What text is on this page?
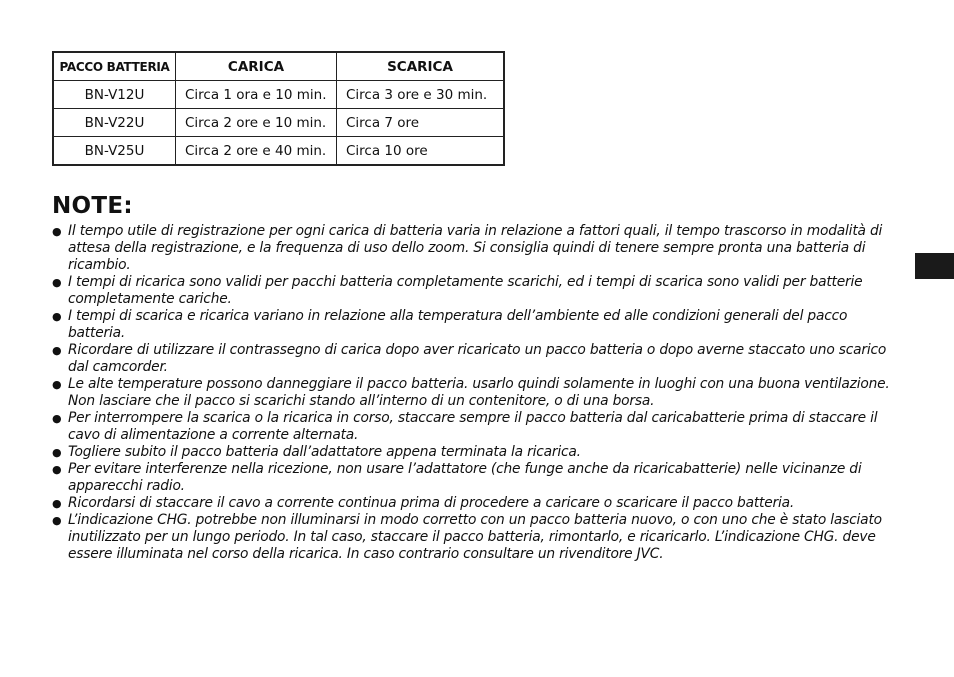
PACCO BATTERIA	CARICA	SCARICA
BN-V12U	Circa 1 ora e 10 min.	Circa 3 ore e 30 min.
BN-V22U	Circa 2 ore e 10 min.	Circa 7 ore
BN-V25U	Circa 2 ore e 40 min.	Circa 10 ore
NOTE:
● Il tempo utile di registrazione per ogni carica di batteria varia in relazione a fattori quali, il tempo trascorso in modalità di attesa della registrazione, e la frequenza di uso dello zoom. Si consiglia quindi di tenere sempre pronta una batteria di ricambio.
● I tempi di ricarica sono validi per pacchi batteria completamente scarichi, ed i tempi di scarica sono validi per batterie completamente cariche.
● I tempi di scarica e ricarica variano in relazione alla temperatura dell’ambiente ed alle condizioni generali del pacco batteria.
● Ricordare di utilizzare il contrassegno di carica dopo aver ricaricato un pacco batteria o dopo averne staccato uno scarico dal camcorder.
● Le alte temperature possono danneggiare il pacco batteria. usarlo quindi solamente in luoghi con una buona ventilazione. Non lasciare che il pacco si scarichi stando all’interno di un contenitore, o di una borsa.
● Per interrompere la scarica o la ricarica in corso, staccare sempre il pacco batteria dal caricabatterie prima di staccare il cavo di alimentazione a corrente alternata.
● Togliere subito il pacco batteria dall’adattatore appena terminata la ricarica.
● Per evitare interferenze nella ricezione, non usare l’adattatore (che funge anche da ricaricabatterie) nelle vicinanze di apparecchi radio.
● Ricordarsi di staccare il cavo a corrente continua prima di procedere a caricare o scaricare il pacco batteria.
● L’indicazione CHG. potrebbe non illuminarsi in modo corretto con un pacco batteria nuovo, o con uno che è stato lasciato inutilizzato per un lungo periodo. In tal caso, staccare il pacco batteria, rimontarlo, e ricaricarlo. L’indicazione CHG. deve essere illuminata nel corso della ricarica. In caso contrario consultare un rivenditore JVC.
